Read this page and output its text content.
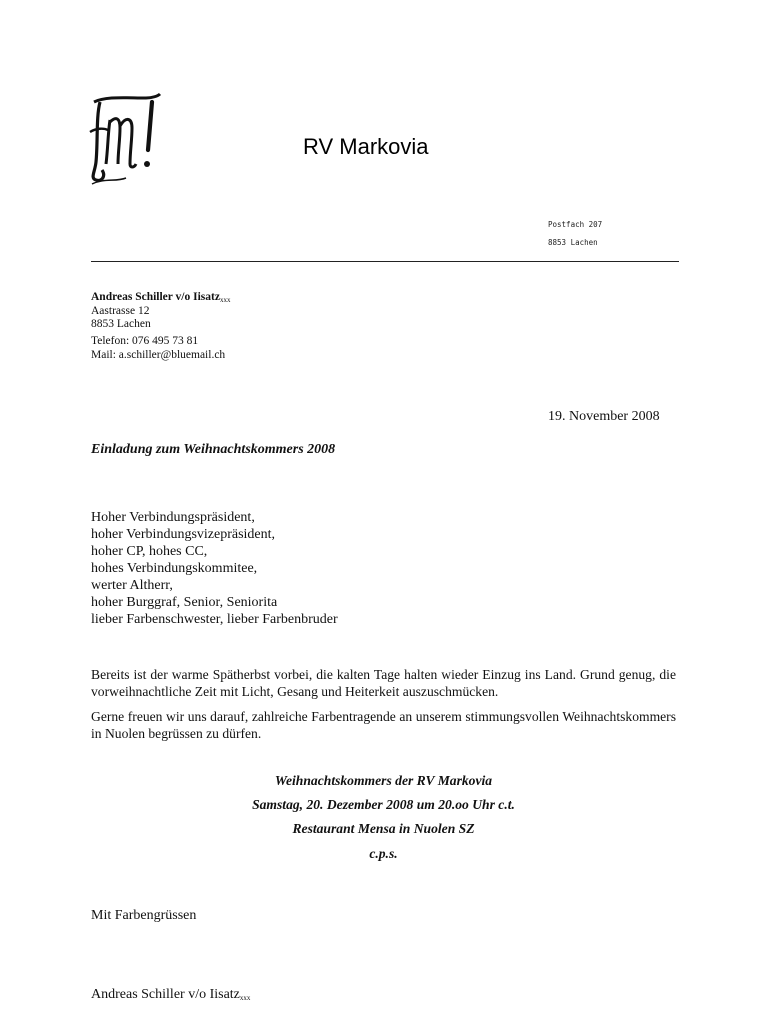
RV Markovia
Postfach 207
8853 Lachen
Andreas Schiller v/o Iisatz$_{xxx}$
Aastrasse 12
8853 Lachen
Telefon: 076 495 73 81
Mail: a.schiller@bluemail.ch
19. November 2008
Einladung zum Weihnachtskommers 2008
Hoher Verbindungspräsident,
hoher Verbindungsvizepräsident,
hoher CP, hohes CC,
hohes Verbindungskommitee,
werter Altherr,
hoher Burggraf, Senior, Seniorita
lieber Farbenschwester, lieber Farbenbruder
Bereits ist der warme Spätherbst vorbei, die kalten Tage halten wieder Einzug ins Land. Grund genug, die vorweihnachtliche Zeit mit Licht, Gesang und Heiterkeit auszuschmücken.
Gerne freuen wir uns darauf, zahlreiche Farbentragende an unserem stimmungsvollen Weihnachtskommers in Nuolen begrüssen zu dürfen.
Weihnachtskommers der RV Markovia
Samstag, 20. Dezember 2008 um 20.oo Uhr c.t.
Restaurant Mensa in Nuolen SZ
c.p.s.
Mit Farbengrüssen
Andreas Schiller v/o Iisatz$_{xxx}$
